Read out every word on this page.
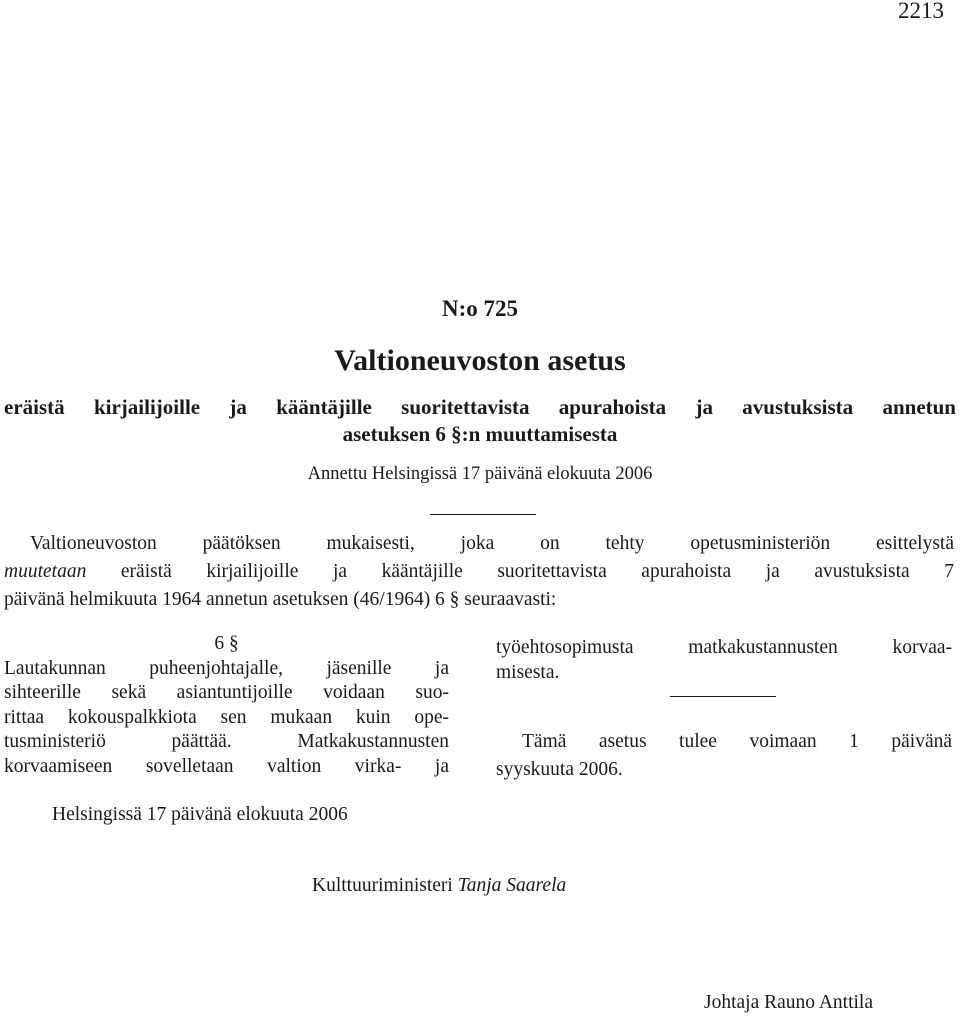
2213
N:o 725
Valtioneuvoston asetus
eräistä kirjailijoille ja kääntäjille suoritettavista apurahoista ja avustuksista annetun
asetuksen 6 §:n muuttamisesta
Annettu Helsingissä 17 päivänä elokuuta 2006
Valtioneuvoston päätöksen mukaisesti, joka on tehty opetusministeriön esittelystä
muutetaan eräistä kirjailijoille ja kääntäjille suoritettavista apurahoista ja avustuksista 7
päivänä helmikuuta 1964 annetun asetuksen (46/1964) 6 § seuraavasti:
6 §
Lautakunnan puheenjohtajalle, jäsenille ja
sihteerille sekä asiantuntijoille voidaan suo-
rittaa kokouspalkkiota sen mukaan kuin ope-
tusministeriö päättää. Matkakustannusten
korvaamiseen sovelletaan valtion virka- ja
työehtosopimusta matkakustannusten korvaa-
misesta.
Tämä asetus tulee voimaan 1 päivänä
syyskuuta 2006.
Helsingissä 17 päivänä elokuuta 2006
Kulttuuriministeri Tanja Saarela
Johtaja Rauno Anttila
